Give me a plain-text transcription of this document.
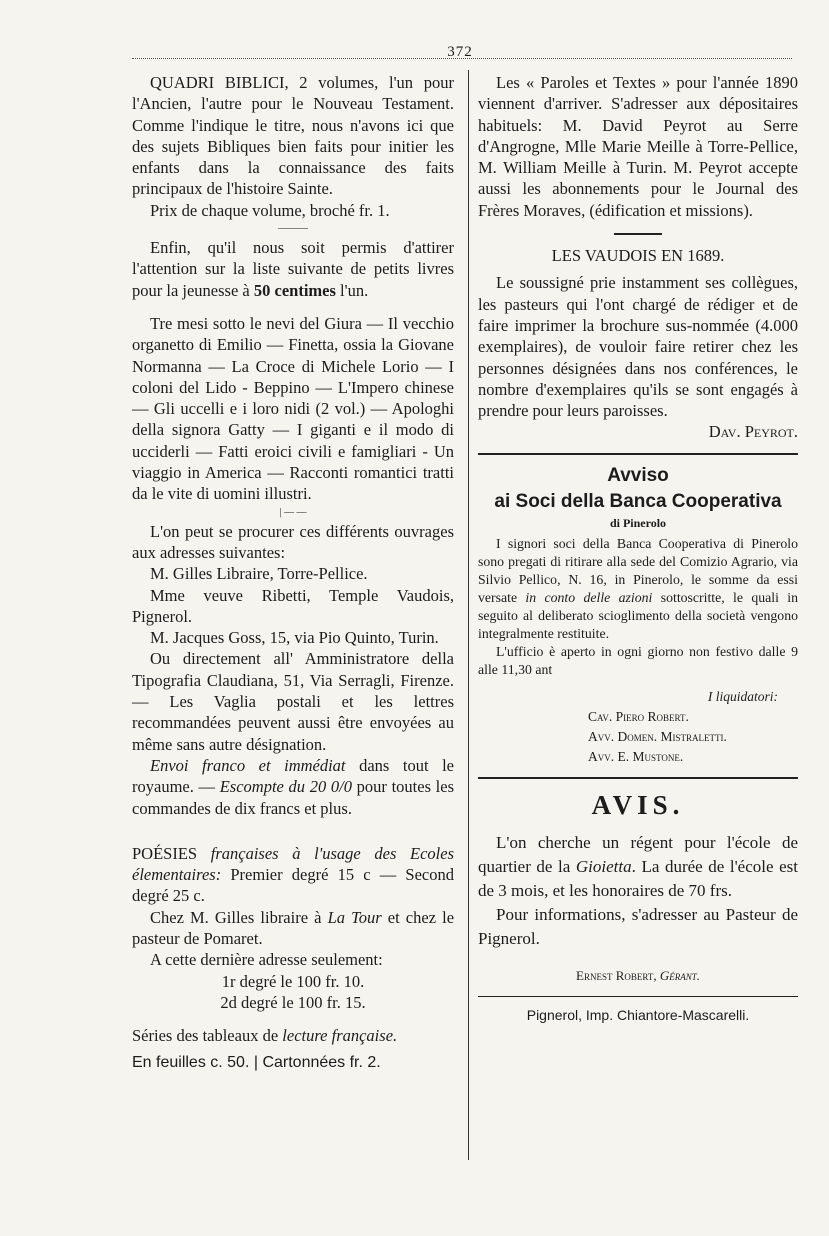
372

QUADRI BIBLICI, 2 volumes, l'un pour l'Ancien, l'autre pour le Nouveau Testament. Comme l'indique le titre, nous n'avons ici que des sujets Bibliques bien faits pour initier les enfants dans la connaissance des faits principaux de l'histoire Sainte.

Prix de chaque volume, broché fr. 1.

———

Enfin, qu'il nous soit permis d'attirer l'attention sur la liste suivante de petits livres pour la jeunesse à 50 centimes l'un.

Tre mesi sotto le nevi del Giura — Il vecchio organetto di Emilio — Finetta, ossia la Giovane Normanna — La Croce di Michele Lorio — I coloni del Lido - Beppino — L'Impero chinese — Gli uccelli e i loro nidi (2 vol.) — Apologhi della signora Gatty — I giganti e il modo di ucciderli — Fatti eroici civili e famigliari - Un viaggio in America — Racconti romantici tratti da le vite di uomini illustri.

| — —

L'on peut se procurer ces différents ouvrages aux adresses suivantes:

M. Gilles Libraire, Torre-Pellice.

Mme veuve Ribetti, Temple Vaudois, Pignerol.

M. Jacques Goss, 15, via Pio Quinto, Turin.

Ou directement all' Amministratore della Tipografia Claudiana, 51, Via Serragli, Firenze. — Les Vaglia postali et les lettres recommandées peuvent aussi être envoyées au même sans autre désignation.

Envoi franco et immédiat dans tout le royaume. — Escompte du 20 0/0 pour toutes les commandes de dix francs et plus.

POÉSIES françaises à l'usage des Ecoles élementaires: Premier degré 15 c — Second degré 25 c.

Chez M. Gilles libraire à La Tour et chez le pasteur de Pomaret.

A cette dernière adresse seulement:

1r degré le 100 fr. 10.

2d degré le 100 fr. 15.

Séries des tableaux de lecture française.

En feuilles c. 50. | Cartonnées fr. 2.

Les « Paroles et Textes » pour l'année 1890 viennent d'arriver. S'adresser aux dépositaires habituels: M. David Peyrot au Serre d'Angrogne, Mlle Marie Meille à Torre-Pellice, M. William Meille à Turin. M. Peyrot accepte aussi les abonnements pour le Journal des Frères Moraves, (édification et missions).

LES VAUDOIS EN 1689.

Le soussigné prie instamment ses collègues, les pasteurs qui l'ont chargé de rédiger et de faire imprimer la brochure sus-nommée (4.000 exemplaires), de vouloir faire retirer chez les personnes désignées dans nos conférences, le nombre d'exemplaires qu'ils se sont engagés à prendre pour leurs paroisses.

Dav. Peyrot.

Avviso
ai Soci della Banca Cooperativa
di Pinerolo

I signori soci della Banca Cooperativa di Pinerolo sono pregati di ritirare alla sede del Comizio Agrario, via Silvio Pellico, N. 16, in Pinerolo, le somme da essi versate in conto delle azioni sottoscritte, le quali in seguito al deliberato scioglimento della società vengono integralmente restituite.

L'ufficio è aperto in ogni giorno non festivo dalle 9 alle 11,30 ant

I liquidatori:

Cav. Piero Robert.

Avv. Domen. Mistraletti.

Avv. E. Mustone.

AVIS.

L'on cherche un régent pour l'école de quartier de la Gioietta. La durée de l'école est de 3 mois, et les honoraires de 70 frs.

Pour informations, s'adresser au Pasteur de Pignerol.

Ernest Robert, Gérant.

Pignerol, Imp. Chiantore-Mascarelli.
